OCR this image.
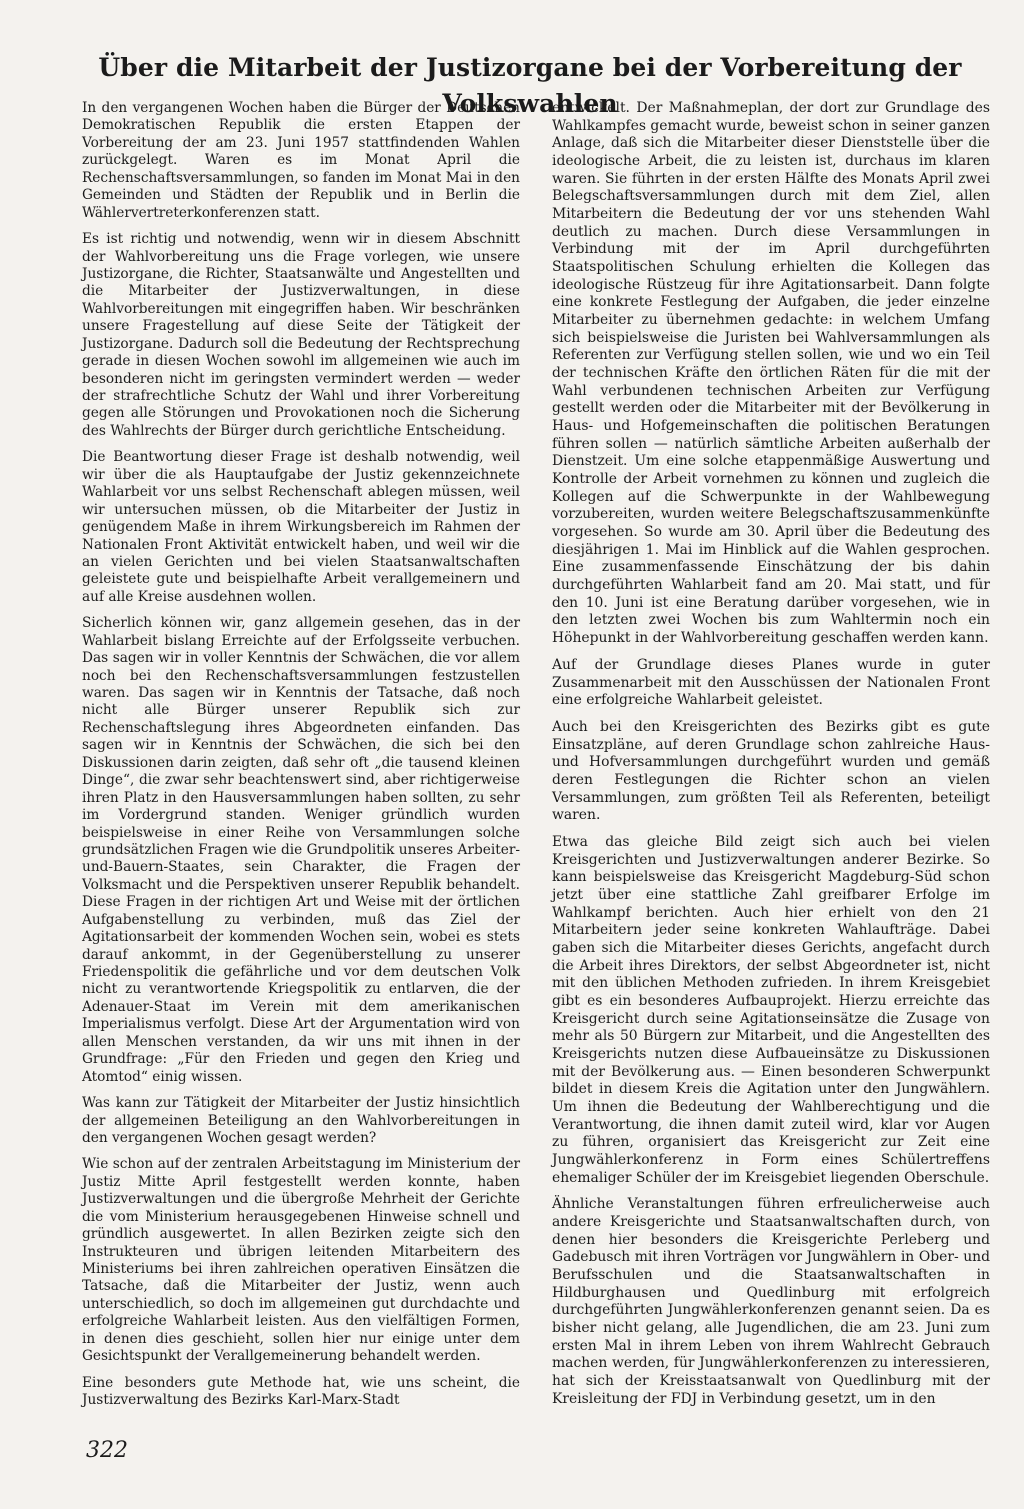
Über die Mitarbeit der Justizorgane bei der Vorbereitung der Volkswahlen

In den vergangenen Wochen haben die Bürger der Deutschen Demokratischen Republik die ersten Etappen der Vorbereitung der am 23. Juni 1957 stattfindenden Wahlen zurückgelegt. Waren es im Monat April die Rechenschaftsversammlungen, so fanden im Monat Mai in den Gemeinden und Städten der Republik und in Berlin die Wählervertreterkonferenzen statt.

Es ist richtig und notwendig, wenn wir in diesem Abschnitt der Wahlvorbereitung uns die Frage vorlegen, wie unsere Justizorgane, die Richter, Staatsanwälte und Angestellten und die Mitarbeiter der Justizverwaltungen, in diese Wahlvorbereitungen mit eingegriffen haben. Wir beschränken unsere Fragestellung auf diese Seite der Tätigkeit der Justizorgane. Dadurch soll die Bedeutung der Rechtsprechung gerade in diesen Wochen sowohl im allgemeinen wie auch im besonderen nicht im geringsten vermindert werden — weder der strafrechtliche Schutz der Wahl und ihrer Vorbereitung gegen alle Störungen und Provokationen noch die Sicherung des Wahlrechts der Bürger durch gerichtliche Entscheidung.

Die Beantwortung dieser Frage ist deshalb notwendig, weil wir über die als Hauptaufgabe der Justiz gekennzeichnete Wahlarbeit vor uns selbst Rechenschaft ablegen müssen, weil wir untersuchen müssen, ob die Mitarbeiter der Justiz in genügendem Maße in ihrem Wirkungsbereich im Rahmen der Nationalen Front Aktivität entwickelt haben, und weil wir die an vielen Gerichten und bei vielen Staatsanwaltschaften geleistete gute und beispielhafte Arbeit verallgemeinern und auf alle Kreise ausdehnen wollen.

Sicherlich können wir, ganz allgemein gesehen, das in der Wahlarbeit bislang Erreichte auf der Erfolgsseite verbuchen. Das sagen wir in voller Kenntnis der Schwächen, die vor allem noch bei den Rechenschaftsversammlungen festzustellen waren. Das sagen wir in Kenntnis der Tatsache, daß noch nicht alle Bürger unserer Republik sich zur Rechenschaftslegung ihres Abgeordneten einfanden. Das sagen wir in Kenntnis der Schwächen, die sich bei den Diskussionen darin zeigten, daß sehr oft „die tausend kleinen Dinge“, die zwar sehr beachtenswert sind, aber richtigerweise ihren Platz in den Hausversammlungen haben sollten, zu sehr im Vordergrund standen. Weniger gründlich wurden beispielsweise in einer Reihe von Versammlungen solche grundsätzlichen Fragen wie die Grundpolitik unseres Arbeiter-und-Bauern-Staates, sein Charakter, die Fragen der Volksmacht und die Perspektiven unserer Republik behandelt. Diese Fragen in der richtigen Art und Weise mit der örtlichen Aufgabenstellung zu verbinden, muß das Ziel der Agitationsarbeit der kommenden Wochen sein, wobei es stets darauf ankommt, in der Gegenüberstellung zu unserer Friedenspolitik die gefährliche und vor dem deutschen Volk nicht zu verantwortende Kriegspolitik zu entlarven, die der Adenauer-Staat im Verein mit dem amerikanischen Imperialismus verfolgt. Diese Art der Argumentation wird von allen Menschen verstanden, da wir uns mit ihnen in der Grundfrage: „Für den Frieden und gegen den Krieg und Atomtod“ einig wissen.

Was kann zur Tätigkeit der Mitarbeiter der Justiz hinsichtlich der allgemeinen Beteiligung an den Wahlvorbereitungen in den vergangenen Wochen gesagt werden?

Wie schon auf der zentralen Arbeitstagung im Ministerium der Justiz Mitte April festgestellt werden konnte, haben Justizverwaltungen und die übergroße Mehrheit der Gerichte die vom Ministerium herausgegebenen Hinweise schnell und gründlich ausgewertet. In allen Bezirken zeigte sich den Instrukteuren und übrigen leitenden Mitarbeitern des Ministeriums bei ihren zahlreichen operativen Einsätzen die Tatsache, daß die Mitarbeiter der Justiz, wenn auch unterschiedlich, so doch im allgemeinen gut durchdachte und erfolgreiche Wahlarbeit leisten. Aus den vielfältigen Formen, in denen dies geschieht, sollen hier nur einige unter dem Gesichtspunkt der Verallgemeinerung behandelt werden.

Eine besonders gute Methode hat, wie uns scheint, die Justizverwaltung des Bezirks Karl-Marx-Stadt

entwickelt. Der Maßnahmeplan, der dort zur Grundlage des Wahlkampfes gemacht wurde, beweist schon in seiner ganzen Anlage, daß sich die Mitarbeiter dieser Dienststelle über die ideologische Arbeit, die zu leisten ist, durchaus im klaren waren. Sie führten in der ersten Hälfte des Monats April zwei Belegschaftsversammlungen durch mit dem Ziel, allen Mitarbeitern die Bedeutung der vor uns stehenden Wahl deutlich zu machen. Durch diese Versammlungen in Verbindung mit der im April durchgeführten Staatspolitischen Schulung erhielten die Kollegen das ideologische Rüstzeug für ihre Agitationsarbeit. Dann folgte eine konkrete Festlegung der Aufgaben, die jeder einzelne Mitarbeiter zu übernehmen gedachte: in welchem Umfang sich beispielsweise die Juristen bei Wahlversammlungen als Referenten zur Verfügung stellen sollen, wie und wo ein Teil der technischen Kräfte den örtlichen Räten für die mit der Wahl verbundenen technischen Arbeiten zur Verfügung gestellt werden oder die Mitarbeiter mit der Bevölkerung in Haus- und Hofgemeinschaften die politischen Beratungen führen sollen — natürlich sämtliche Arbeiten außerhalb der Dienstzeit. Um eine solche etappenmäßige Auswertung und Kontrolle der Arbeit vornehmen zu können und zugleich die Kollegen auf die Schwerpunkte in der Wahlbewegung vorzubereiten, wurden weitere Belegschaftszusammenkünfte vorgesehen. So wurde am 30. April über die Bedeutung des diesjährigen 1. Mai im Hinblick auf die Wahlen gesprochen. Eine zusammenfassende Einschätzung der bis dahin durchgeführten Wahlarbeit fand am 20. Mai statt, und für den 10. Juni ist eine Beratung darüber vorgesehen, wie in den letzten zwei Wochen bis zum Wahltermin noch ein Höhepunkt in der Wahlvorbereitung geschaffen werden kann.

Auf der Grundlage dieses Planes wurde in guter Zusammenarbeit mit den Ausschüssen der Nationalen Front eine erfolgreiche Wahlarbeit geleistet.

Auch bei den Kreisgerichten des Bezirks gibt es gute Einsatzpläne, auf deren Grundlage schon zahlreiche Haus- und Hofversammlungen durchgeführt wurden und gemäß deren Festlegungen die Richter schon an vielen Versammlungen, zum größten Teil als Referenten, beteiligt waren.

Etwa das gleiche Bild zeigt sich auch bei vielen Kreisgerichten und Justizverwaltungen anderer Bezirke. So kann beispielsweise das Kreisgericht Magdeburg-Süd schon jetzt über eine stattliche Zahl greifbarer Erfolge im Wahlkampf berichten. Auch hier erhielt von den 21 Mitarbeitern jeder seine konkreten Wahlaufträge. Dabei gaben sich die Mitarbeiter dieses Gerichts, angefacht durch die Arbeit ihres Direktors, der selbst Abgeordneter ist, nicht mit den üblichen Methoden zufrieden. In ihrem Kreisgebiet gibt es ein besonderes Aufbauprojekt. Hierzu erreichte das Kreisgericht durch seine Agitationseinsätze die Zusage von mehr als 50 Bürgern zur Mitarbeit, und die Angestellten des Kreisgerichts nutzen diese Aufbaueinsätze zu Diskussionen mit der Bevölkerung aus. — Einen besonderen Schwerpunkt bildet in diesem Kreis die Agitation unter den Jungwählern. Um ihnen die Bedeutung der Wahlberechtigung und die Verantwortung, die ihnen damit zuteil wird, klar vor Augen zu führen, organisiert das Kreisgericht zur Zeit eine Jungwählerkonferenz in Form eines Schülertreffens ehemaliger Schüler der im Kreisgebiet liegenden Oberschule.

Ähnliche Veranstaltungen führen erfreulicherweise auch andere Kreisgerichte und Staatsanwaltschaften durch, von denen hier besonders die Kreisgerichte Perleberg und Gadebusch mit ihren Vorträgen vor Jungwählern in Ober- und Berufsschulen und die Staatsanwaltschaften in Hildburghausen und Quedlinburg mit erfolgreich durchgeführten Jungwählerkonferenzen genannt seien. Da es bisher nicht gelang, alle Jugendlichen, die am 23. Juni zum ersten Mal in ihrem Leben von ihrem Wahlrecht Gebrauch machen werden, für Jungwählerkonferenzen zu interessieren, hat sich der Kreisstaatsanwalt von Quedlinburg mit der Kreisleitung der FDJ in Verbindung gesetzt, um in den

322
